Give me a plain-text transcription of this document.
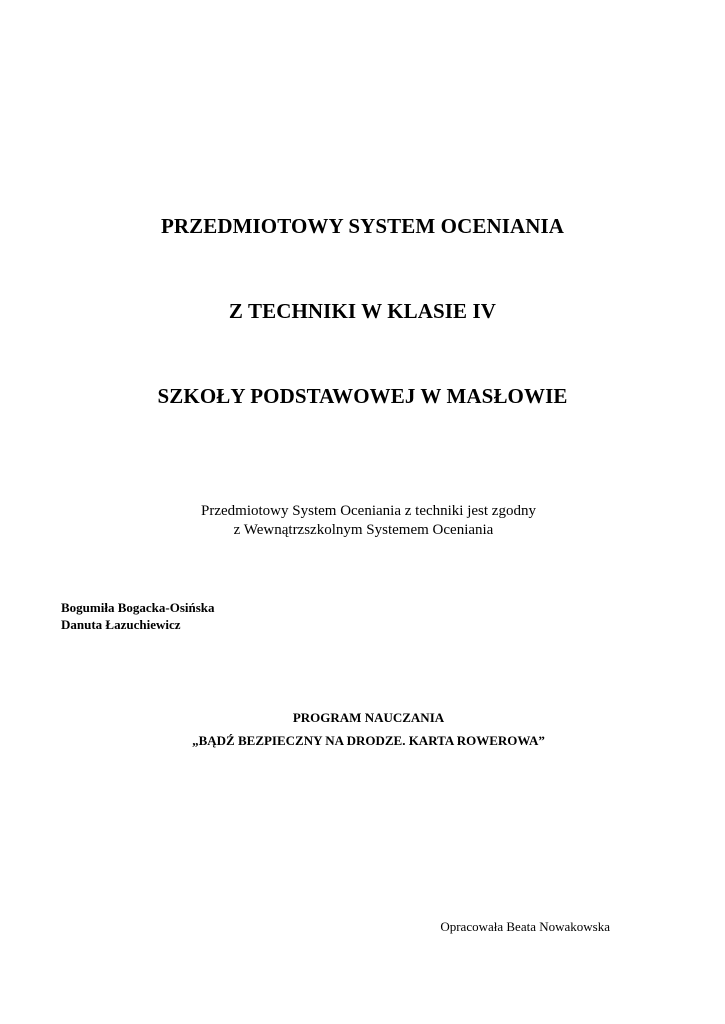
PRZEDMIOTOWY SYSTEM OCENIANIA
Z TECHNIKI W KLASIE IV
SZKOŁY PODSTAWOWEJ W MASŁOWIE
Przedmiotowy System Oceniania z techniki jest zgodny
z Wewnątrzszkolnym Systemem Oceniania
Bogumiła Bogacka-Osińska
Danuta Łazuchiewicz
PROGRAM NAUCZANIA
„BĄDŹ BEZPIECZNY NA DRODZE. KARTA ROWEROWA”
Opracowała Beata Nowakowska
